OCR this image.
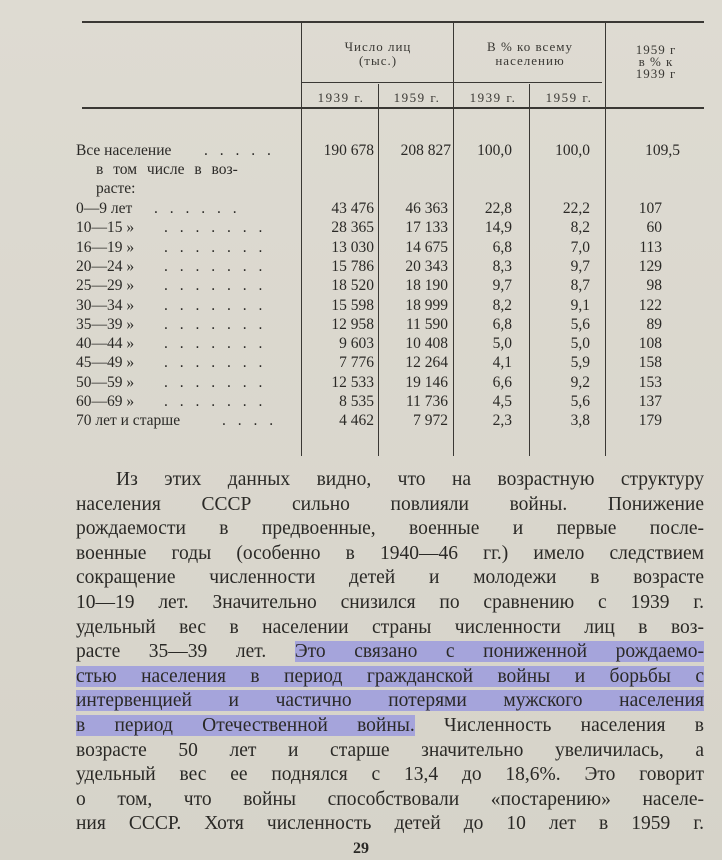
Число лиц
(тыс.)
В % ко всему
населению
1959 г
в % к
1939 г
1939 г.	1959 г.	1939 г.	1959 г.
Все население . . . . .	190 678	208 827	100,0	100,0	109,5
в том числе в воз-
расте:
0—9 лет . . . . . .	43 476	46 363	22,8	22,2	107
10—15 » . . . . . . .	28 365	17 133	14,9	8,2	60
16—19 » . . . . . . .	13 030	14 675	6,8	7,0	113
20—24 » . . . . . . .	15 786	20 343	8,3	9,7	129
25—29 » . . . . . . .	18 520	18 190	9,7	8,7	98
30—34 » . . . . . . .	15 598	18 999	8,2	9,1	122
35—39 » . . . . . . .	12 958	11 590	6,8	5,6	89
40—44 » . . . . . . .	9 603	10 408	5,0	5,0	108
45—49 » . . . . . . .	7 776	12 264	4,1	5,9	158
50—59 » . . . . . . .	12 533	19 146	6,6	9,2	153
60—69 » . . . . . . .	8 535	11 736	4,5	5,6	137
70 лет и старше	. . . .	4 462	7 972	2,3	3,8	179
Из этих данных видно, что на возрастную структуру
населения СССР сильно повлияли войны. Понижение
рождаемости в предвоенные, военные и первые после-
военные годы (особенно в 1940—46 гг.) имело следствием
сокращение численности детей и молодежи в возрасте
10—19 лет. Значительно снизился по сравнению с 1939 г.
удельный вес в населении страны численности лиц в воз-
расте 35—39 лет. Это связано с пониженной рождаемо-
стью населения в период гражданской войны и борьбы с
интервенцией и частично потерями мужского населения
в период Отечественной войны. Численность населения в
возрасте 50 лет и старше значительно увеличилась, а
удельный вес ее поднялся с 13,4 до 18,6%. Это говорит
о том, что войны способствовали «постарению» населе-
ния СССР. Хотя численность детей до 10 лет в 1959 г.
29
